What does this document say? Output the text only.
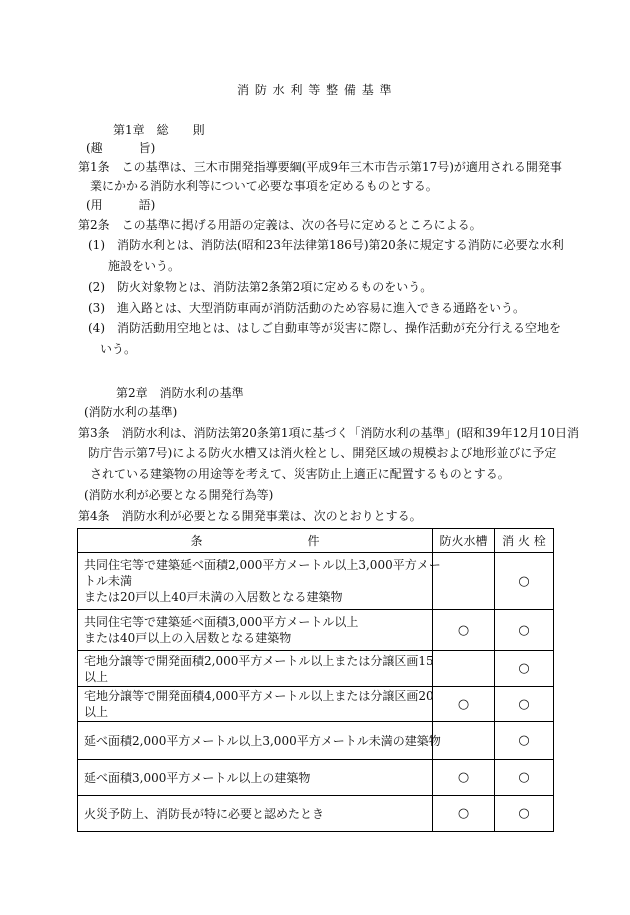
消 防 水 利 等 整 備 基 準
第1章　総　　則
(趣　　　旨)
第1条　この基準は、三木市開発指導要綱(平成9年三木市告示第17号)が適用される開発事
業にかかる消防水利等について必要な事項を定めるものとする。
(用　　　語)
第2条　この基準に掲げる用語の定義は、次の各号に定めるところによる。
(1)　消防水利とは、消防法(昭和23年法律第186号)第20条に規定する消防に必要な水利
施設をいう。
(2)　防火対象物とは、消防法第2条第2項に定めるものをいう。
(3)　進入路とは、大型消防車両が消防活動のため容易に進入できる通路をいう。
(4)　消防活動用空地とは、はしご自動車等が災害に際し、操作活動が充分行える空地を
いう。
第2章　消防水利の基準
(消防水利の基準)
第3条　消防水利は、消防法第20条第1項に基づく「消防水利の基準」(昭和39年12月10日消
防庁告示第7号)による防火水槽又は消火栓とし、開発区域の規模および地形並びに予定
されている建築物の用途等を考えて、災害防止上適正に配置するものとする。
(消防水利が必要となる開発行為等)
第4条　消防水利が必要となる開発事業は、次のとおりとする。
条 件	防火水槽	消 火 栓

共同住宅等で建築延べ面積2,000平方メートル以上3,000平方メー
トル未満
または20戸以上40戸未満の入居数となる建築物		○

共同住宅等で建築延べ面積3,000平方メートル以上
または40戸以上の入居数となる建築物	○	○

宅地分譲等で開発面積2,000平方メートル以上または分譲区画15
以上		○

宅地分譲等で開発面積4,000平方メートル以上または分譲区画20
以上	○	○

延べ面積2,000平方メートル以上3,000平方メートル未満の建築物		○

延べ面積3,000平方メートル以上の建築物	○	○

火災予防上、消防長が特に必要と認めたとき	○	○
